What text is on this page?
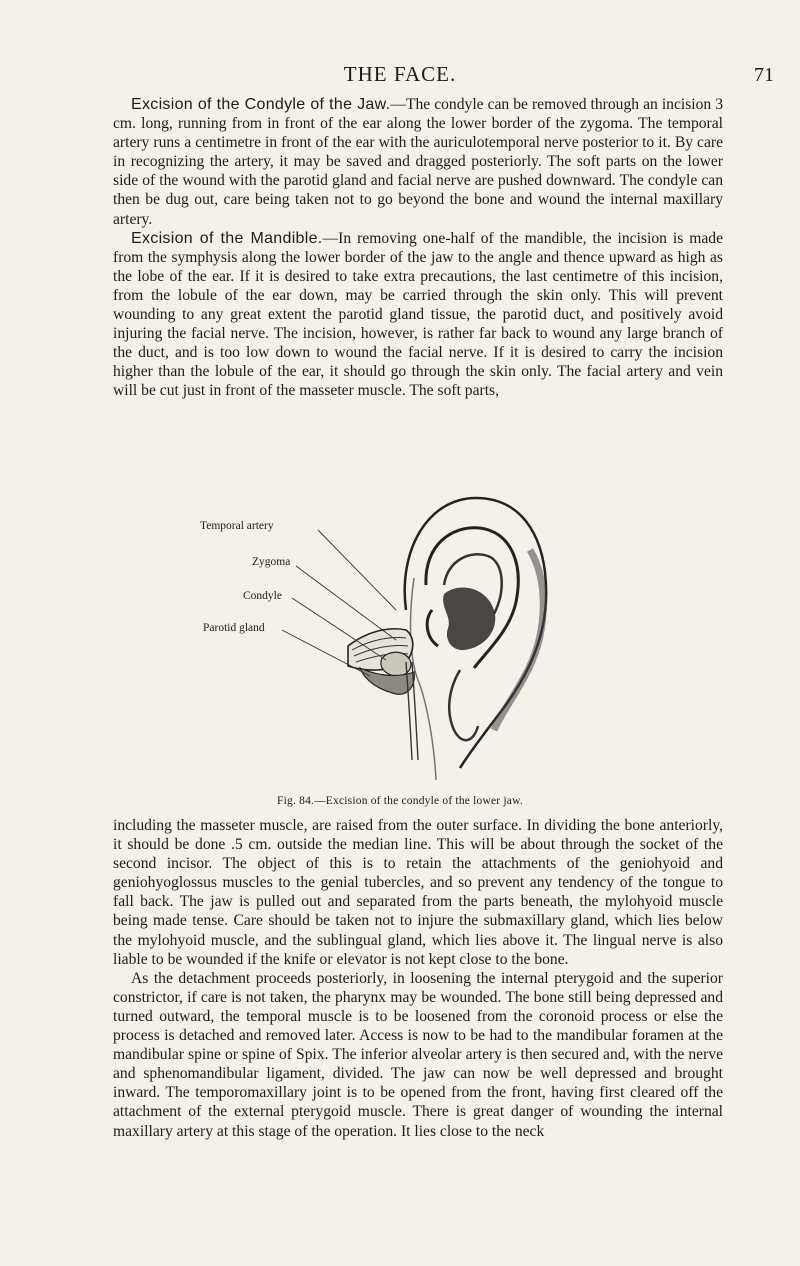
THE FACE.	71

Excision of the Condyle of the Jaw.—The condyle can be removed through an incision 3 cm. long, running from in front of the ear along the lower border of the zygoma. The temporal artery runs a centimetre in front of the ear with the auriculotemporal nerve posterior to it. By care in recognizing the artery, it may be saved and dragged posteriorly. The soft parts on the lower side of the wound with the parotid gland and facial nerve are pushed downward. The condyle can then be dug out, care being taken not to go beyond the bone and wound the internal maxillary artery.

Excision of the Mandible.—In removing one-half of the mandible, the incision is made from the symphysis along the lower border of the jaw to the angle and thence upward as high as the lobe of the ear. If it is desired to take extra precautions, the last centimetre of this incision, from the lobule of the ear down, may be carried through the skin only. This will prevent wounding to any great extent the parotid gland tissue, the parotid duct, and positively avoid injuring the facial nerve. The incision, however, is rather far back to wound any large branch of the duct, and is too low down to wound the facial nerve. If it is desired to carry the incision higher than the lobule of the ear, it should go through the skin only. The facial artery and vein will be cut just in front of the masseter muscle. The soft parts,

Temporal artery
Zygoma
Condyle
Parotid gland
Fig. 84.—Excision of the condyle of the lower jaw.

including the masseter muscle, are raised from the outer surface. In dividing the bone anteriorly, it should be done .5 cm. outside the median line. This will be about through the socket of the second incisor. The object of this is to retain the attachments of the geniohyoid and geniohyoglossus muscles to the genial tubercles, and so prevent any tendency of the tongue to fall back. The jaw is pulled out and separated from the parts beneath, the mylohyoid muscle being made tense. Care should be taken not to injure the submaxillary gland, which lies below the mylohyoid muscle, and the sublingual gland, which lies above it. The lingual nerve is also liable to be wounded if the knife or elevator is not kept close to the bone.

As the detachment proceeds posteriorly, in loosening the internal pterygoid and the superior constrictor, if care is not taken, the pharynx may be wounded. The bone still being depressed and turned outward, the temporal muscle is to be loosened from the coronoid process or else the process is detached and removed later. Access is now to be had to the mandibular foramen at the mandibular spine or spine of Spix. The inferior alveolar artery is then secured and, with the nerve and sphenomandibular ligament, divided. The jaw can now be well depressed and brought inward. The temporomaxillary joint is to be opened from the front, having first cleared off the attachment of the external pterygoid muscle. There is great danger of wounding the internal maxillary artery at this stage of the operation. It lies close to the neck
